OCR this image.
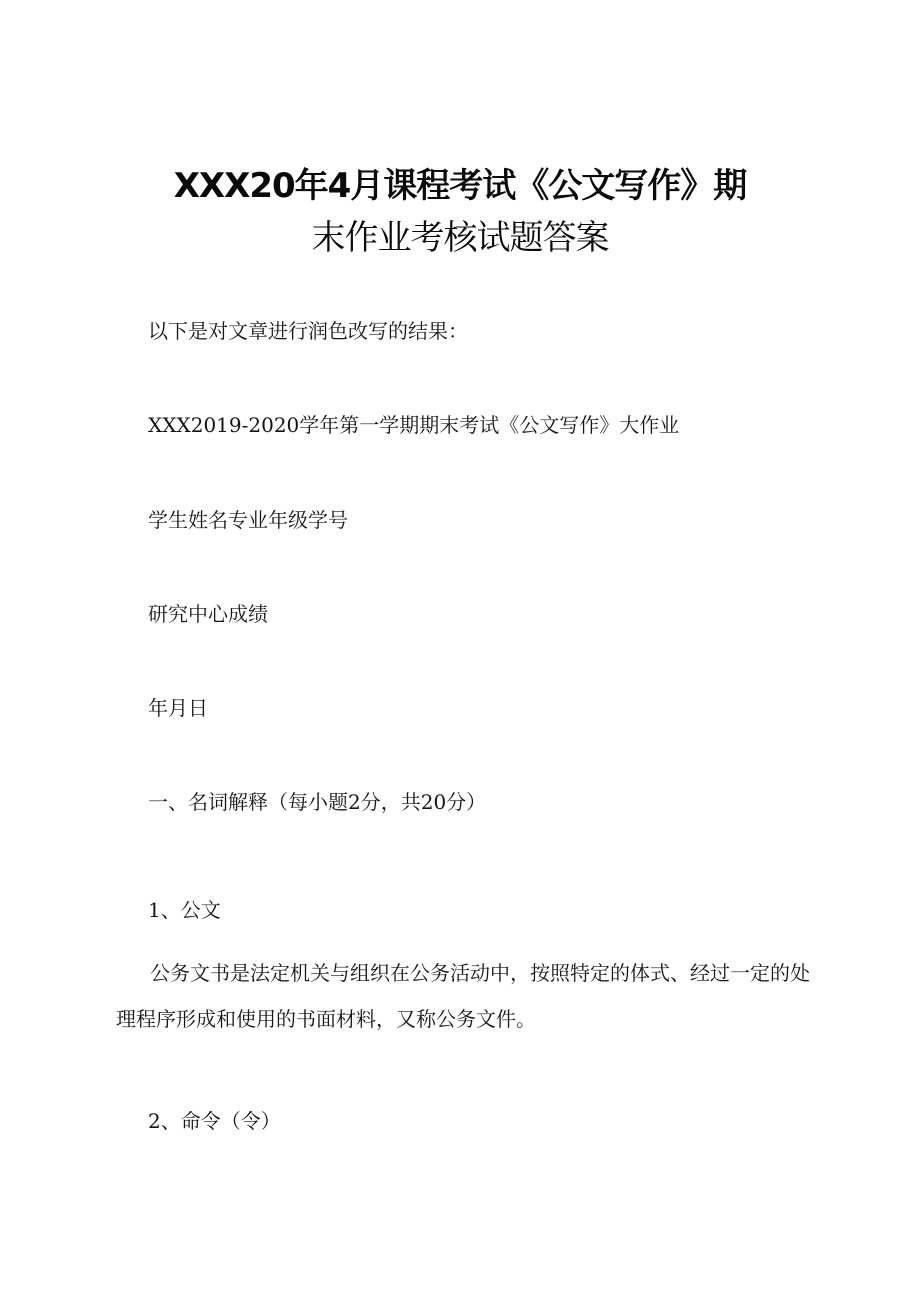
XXX20年4月课程考试《公文写作》期
末作业考核试题答案
以下是对文章进行润色改写的结果：
XXX2019-2020学年第一学期期末考试《公文写作》大作业
学生姓名专业年级学号
研究中心成绩
年月日
一、名词解释（每小题2分，共20分）
1、公文
公务文书是法定机关与组织在公务活动中，按照特定的体式、经过一定的处理程序形成和使用的书面材料，又称公务文件。
2、命令（令）
